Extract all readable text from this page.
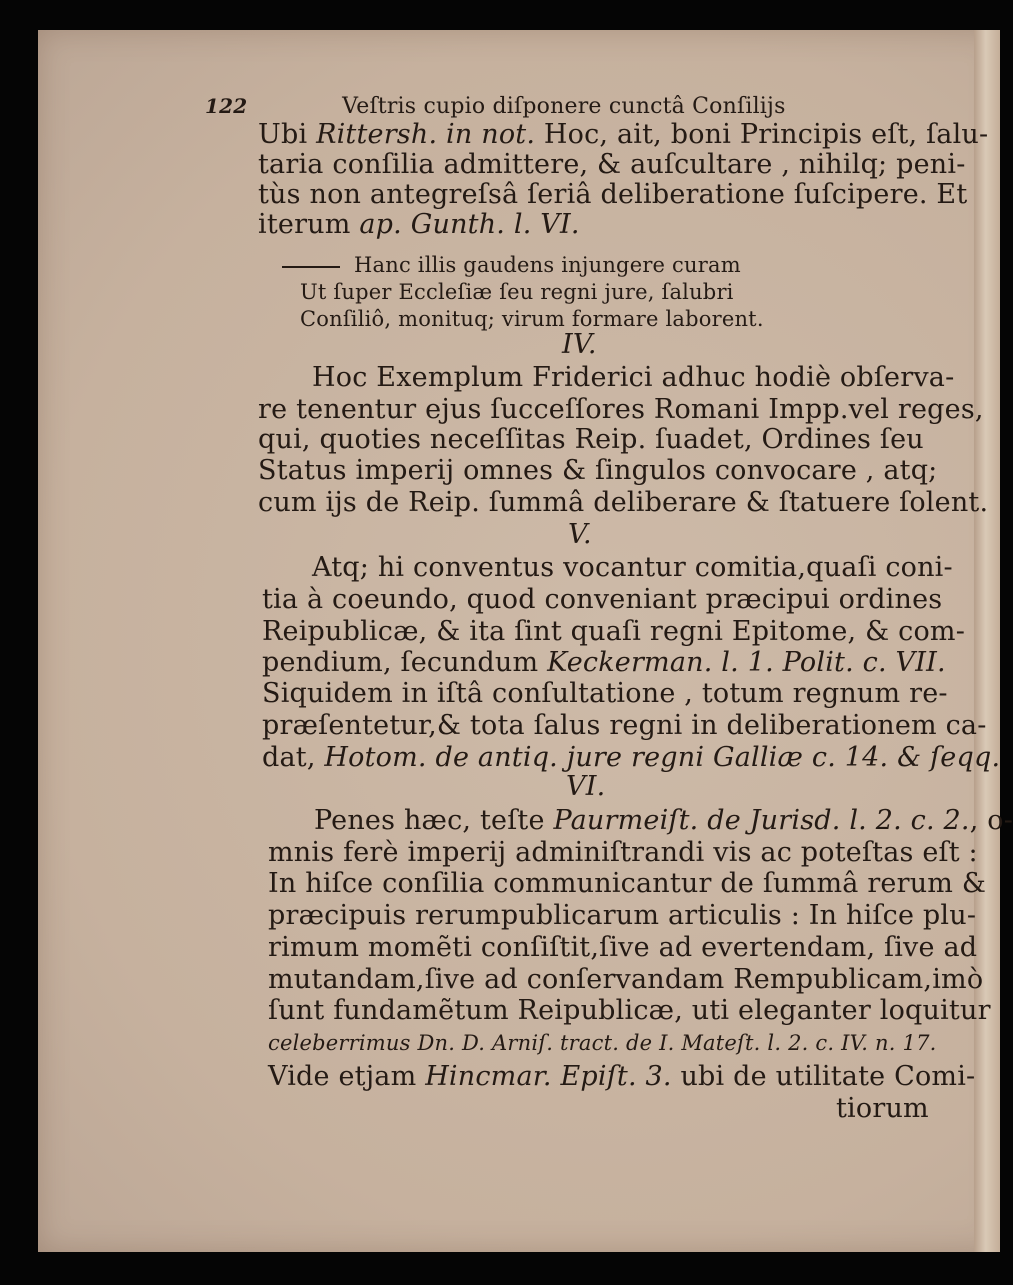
122	Veſtris cupio diſponere cunctâ Conſilijs
Ubi Rittersh. in not. Hoc, ait, boni Principis eſt, ſalu-
taria conſilia admittere, & auſcultare , nihilq; peni-
tùs non antegreſsâ ſeriâ deliberatione ſuſcipere. Et
iterum ap. Gunth. l. VI.
Hanc illis gaudens injungere curam
Ut ſuper Eccleſiæ ſeu regni jure, ſalubri
Conſiliô, monituq; virum formare laborent.
IV.
Hoc Exemplum Friderici adhuc hodiè obſerva-
re tenentur ejus ſucceſſores Romani Impp.vel reges,
qui, quoties neceſſitas Reip. ſuadet, Ordines ſeu
Status imperij omnes & ſingulos convocare , atq;
cum ijs de Reip. ſummâ deliberare & ſtatuere ſolent.
V.
Atq; hi conventus vocantur comitia,quaſi coni-
tia à coeundo, quod conveniant præcipui ordines
Reipublicæ, & ita ſint quaſi regni Epitome, & com-
pendium, ſecundum Keckerman. l. 1. Polit. c. VII.
Siquidem in iſtâ conſultatione , totum regnum re-
præſentetur,& tota ſalus regni in deliberationem ca-
dat, Hotom. de antiq. jure regni Galliæ c. 14. & ſeqq.
VI.
Penes hæc, teſte Paurmeiſt. de Jurisd. l. 2. c. 2., o-
mnis ferè imperij adminiſtrandi vis ac poteſtas eſt :
In hiſce conſilia communicantur de ſummâ rerum &
præcipuis rerumpublicarum articulis : In hiſce plu-
rimum momẽti conſiſtit,ſive ad evertendam, ſive ad
mutandam,ſive ad conſervandam Rempublicam,imò
ſunt fundamẽtum Reipublicæ, uti eleganter loquitur
celeberrimus Dn. D. Arniſ. tract. de I. Mateſt. l. 2. c. IV. n. 17.
Vide etjam Hincmar. Epiſt. 3. ubi de utilitate Comi-
tiorum
